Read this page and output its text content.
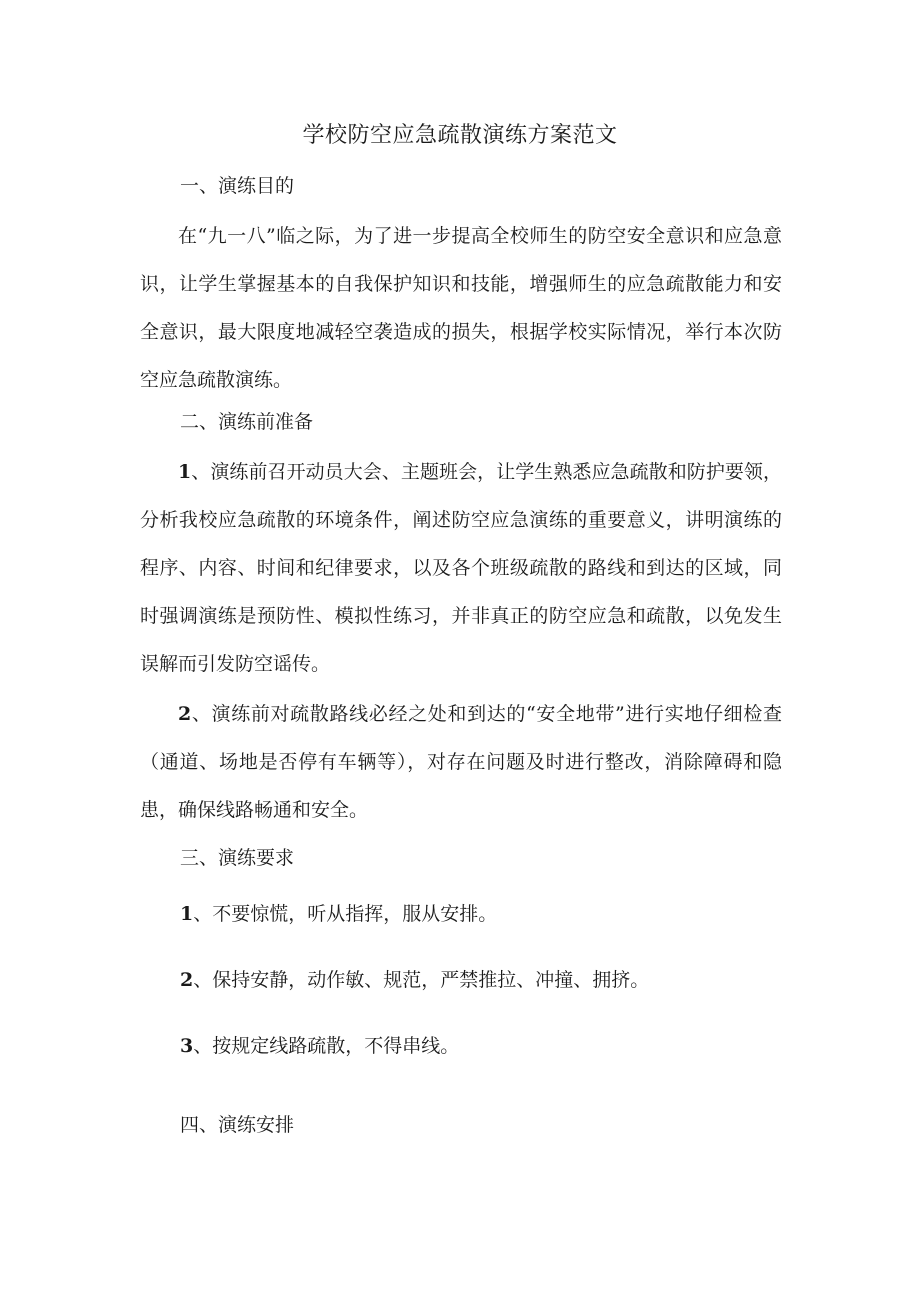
学校防空应急疏散演练方案范文
一、演练目的

在“九一八”临之际，为了进一步提高全校师生的防空安全意识和应急意识，让学生掌握基本的自我保护知识和技能，增强师生的应急疏散能力和安全意识，最大限度地减轻空袭造成的损失，根据学校实际情况，举行本次防空应急疏散演练。

二、演练前准备

1、演练前召开动员大会、主题班会，让学生熟悉应急疏散和防护要领，分析我校应急疏散的环境条件，阐述防空应急演练的重要意义，讲明演练的程序、内容、时间和纪律要求，以及各个班级疏散的路线和到达的区域，同时强调演练是预防性、模拟性练习，并非真正的防空应急和疏散，以免发生误解而引发防空谣传。

2、演练前对疏散路线必经之处和到达的“安全地带”进行实地仔细检查（通道、场地是否停有车辆等），对存在问题及时进行整改，消除障碍和隐患，确保线路畅通和安全。

三、演练要求

1、不要惊慌，听从指挥，服从安排。

2、保持安静，动作敏、规范，严禁推拉、冲撞、拥挤。

3、按规定线路疏散，不得串线。

四、演练安排
